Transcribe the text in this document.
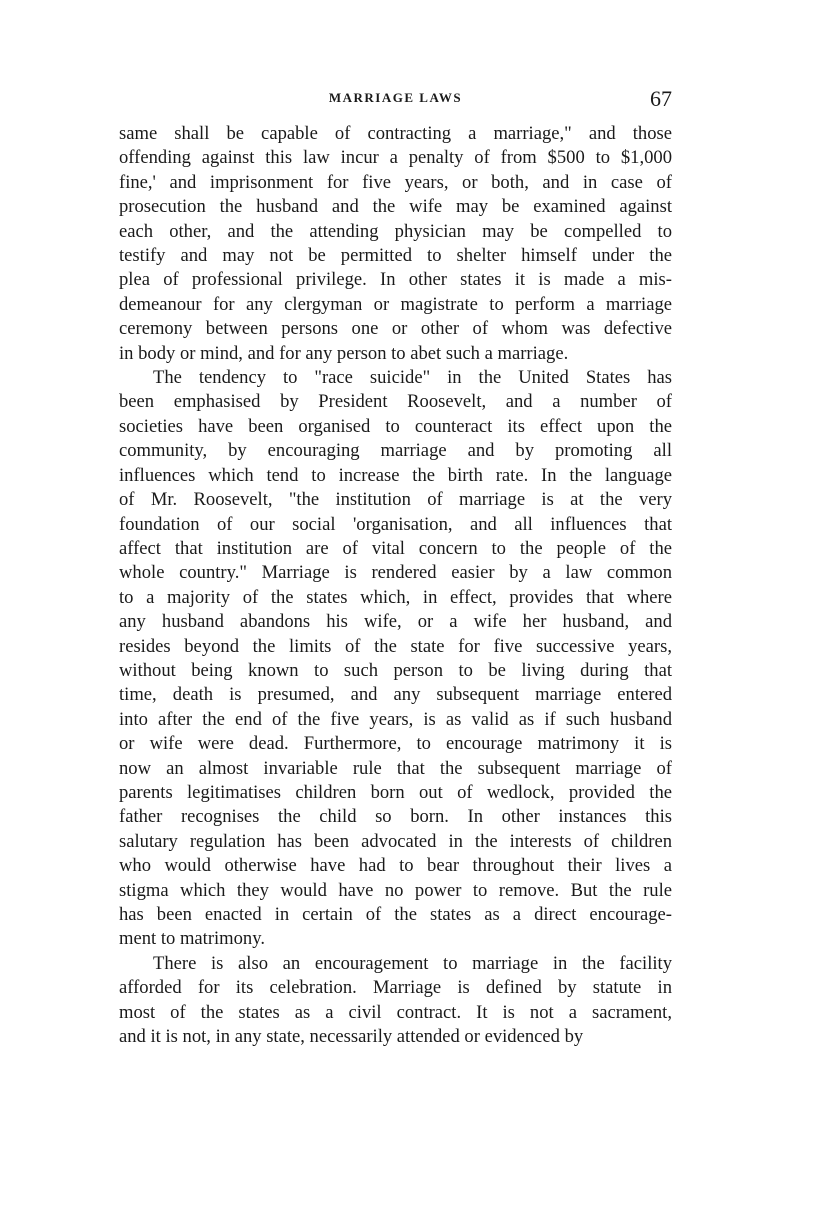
MARRIAGE LAWS	67
same shall be capable of contracting a marriage," and those
offending against this law incur a penalty of from $500 to $1,000
fine,' and imprisonment for five years, or both, and in case of
prosecution the husband and the wife may be examined against
each other, and the attending physician may be compelled to
testify and may not be permitted to shelter himself under the
plea of professional privilege. In other states it is made a mis-
demeanour for any clergyman or magistrate to perform a marriage
ceremony between persons one or other of whom was defective
in body or mind, and for any person to abet such a marriage.
The tendency to "race suicide" in the United States has
been emphasised by President Roosevelt, and a number of
societies have been organised to counteract its effect upon the
community, by encouraging marriage and by promoting all
influences which tend to increase the birth rate. In the language
of Mr. Roosevelt, "the institution of marriage is at the very
foundation of our social 'organisation, and all influences that
affect that institution are of vital concern to the people of the
whole country." Marriage is rendered easier by a law common
to a majority of the states which, in effect, provides that where
any husband abandons his wife, or a wife her husband, and
resides beyond the limits of the state for five successive years,
without being known to such person to be living during that
time, death is presumed, and any subsequent marriage entered
into after the end of the five years, is as valid as if such husband
or wife were dead. Furthermore, to encourage matrimony it is
now an almost invariable rule that the subsequent marriage of
parents legitimatises children born out of wedlock, provided the
father recognises the child so born. In other instances this
salutary regulation has been advocated in the interests of children
who would otherwise have had to bear throughout their lives a
stigma which they would have no power to remove. But the rule
has been enacted in certain of the states as a direct encourage-
ment to matrimony.
There is also an encouragement to marriage in the facility
afforded for its celebration. Marriage is defined by statute in
most of the states as a civil contract. It is not a sacrament,
and it is not, in any state, necessarily attended or evidenced by
